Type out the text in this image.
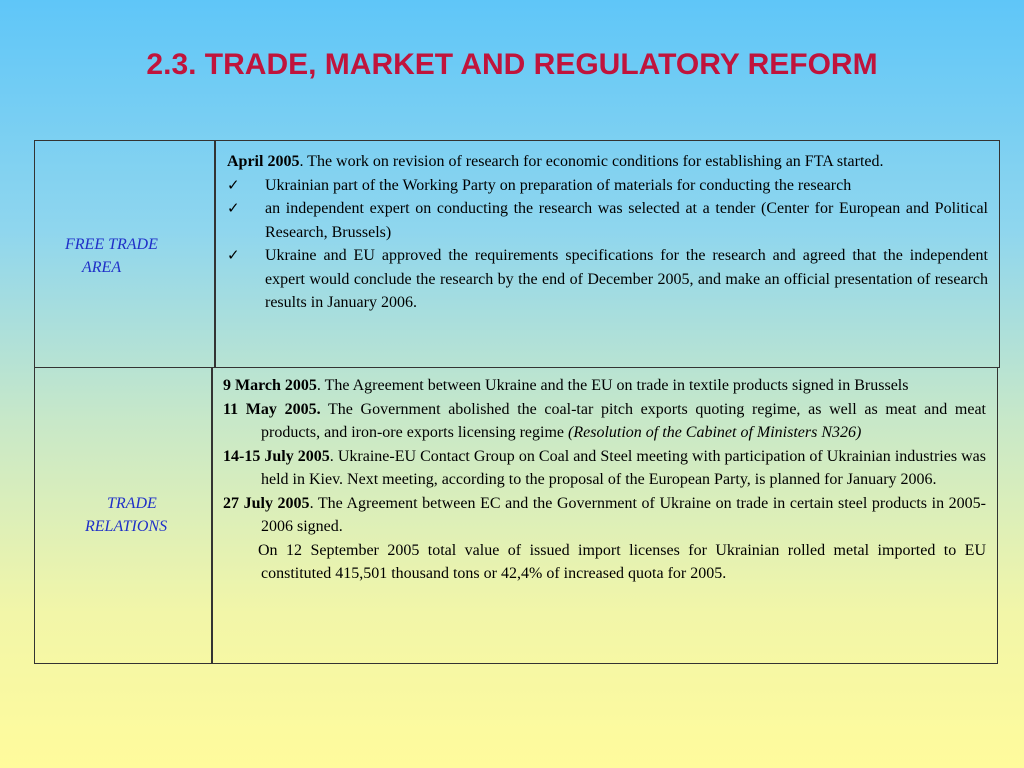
2.3. TRADE, MARKET AND REGULATORY REFORM
FREE TRADE
AREA

April 2005. The work on revision of research for economic conditions for establishing an FTA started.

✓ Ukrainian part of the Working Party on preparation of materials for conducting the research

✓ an independent expert on conducting the research was selected at a tender (Center for European and Political Research, Brussels)

✓ Ukraine and EU approved the requirements specifications for the research and agreed that the independent expert would conclude the research by the end of December 2005, and make an official presentation of research results in January 2006.

TRADE
RELATIONS

9 March 2005. The Agreement between Ukraine and the EU on trade in textile products signed in Brussels

11 May 2005. The Government abolished the coal-tar pitch exports quoting regime, as well as meat and meat products, and iron-ore exports licensing regime (Resolution of the Cabinet of Ministers N326)

14-15 July 2005. Ukraine-EU Contact Group on Coal and Steel meeting with participation of Ukrainian industries was held in Kiev. Next meeting, according to the proposal of the European Party, is planned for January 2006.

27 July 2005. The Agreement between EC and the Government of Ukraine on trade in certain steel products in 2005-2006 signed.

On 12 September 2005 total value of issued import licenses for Ukrainian rolled metal imported to EU constituted 415,501 thousand tons or 42,4% of increased quota for 2005.
